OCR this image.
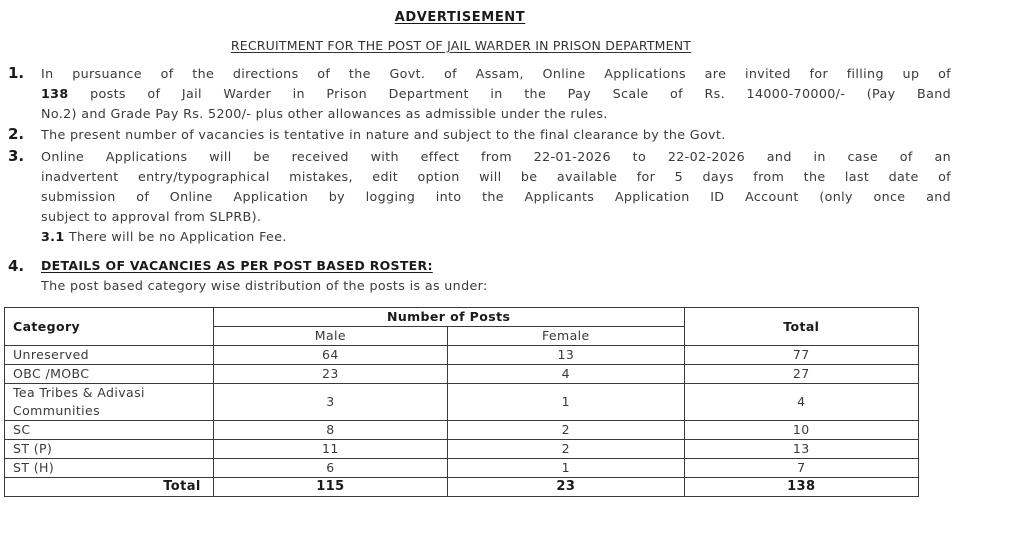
ADVERTISEMENT
RECRUITMENT FOR THE POST OF JAIL WARDER IN PRISON DEPARTMENT
1. In pursuance of the directions of the Govt. of Assam, Online Applications are invited for filling up of
138 posts of Jail Warder in Prison Department in the Pay Scale of Rs. 14000-70000/- (Pay Band
No.2) and Grade Pay Rs. 5200/- plus other allowances as admissible under the rules.
2. The present number of vacancies is tentative in nature and subject to the final clearance by the Govt.
3. Online Applications will be received with effect from 22-01-2026 to 22-02-2026 and in case of an
inadvertent entry/typographical mistakes, edit option will be available for 5 days from the last date of
submission of Online Application by logging into the Applicants Application ID Account (only once and
subject to approval from SLPRB).
3.1 There will be no Application Fee.
4. DETAILS OF VACANCIES AS PER POST BASED ROSTER:
The post based category wise distribution of the posts is as under:
Category	Number of Posts		Total
	Male	Female	
Unreserved	64	13	77
OBC /MOBC	23	4	27
Tea Tribes & Adivasi Communities	3	1	4
SC	8	2	10
ST (P)	11	2	13
ST (H)	6	1	7
Total	115	23	138
